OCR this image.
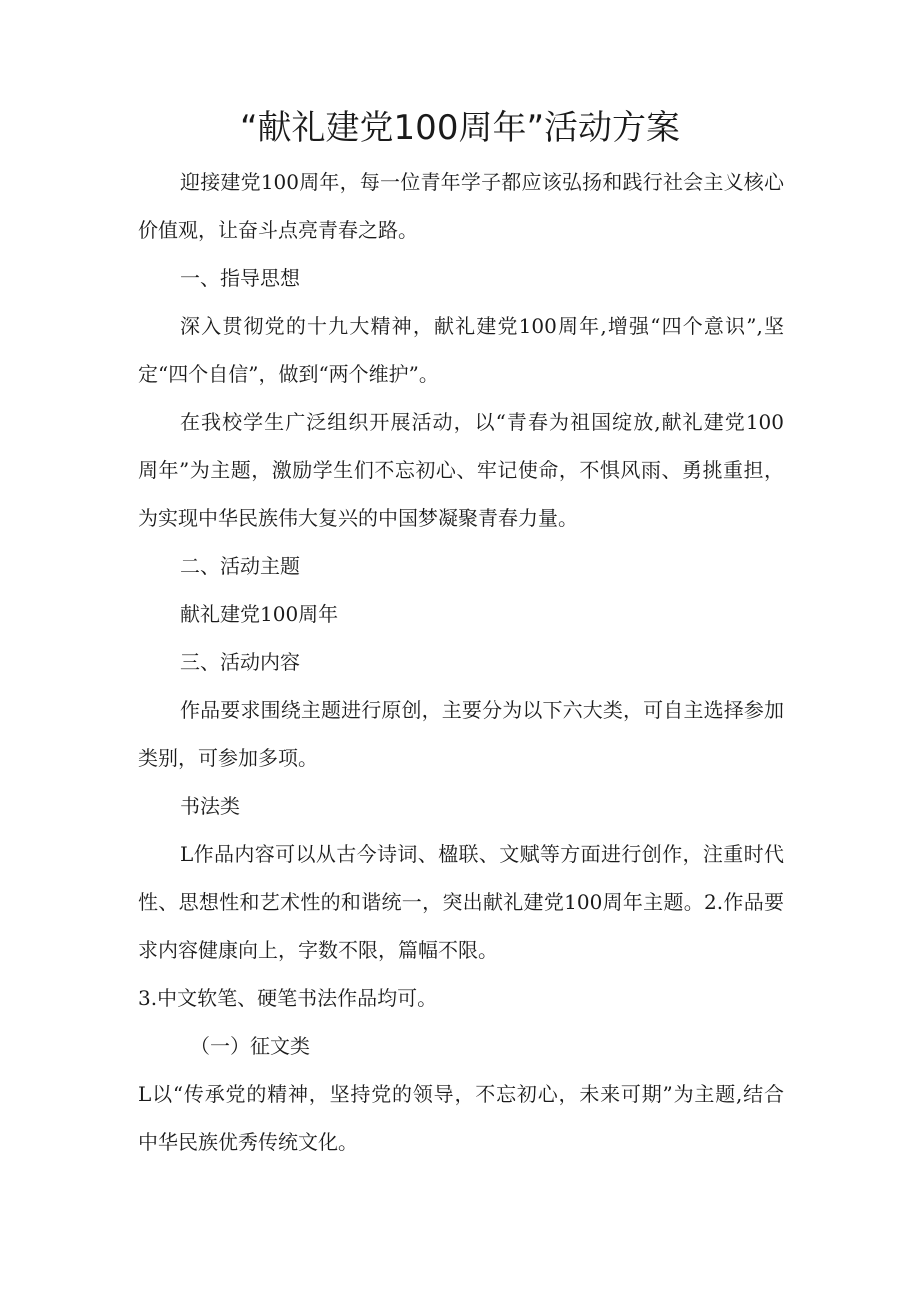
“献礼建党100周年”活动方案
迎接建党100周年，每一位青年学子都应该弘扬和践行社会主义核心
价值观，让奋斗点亮青春之路。
一、指导思想
深入贯彻党的十九大精神，献礼建党100周年,增强“四个意识”,坚
定“四个自信”，做到“两个维护”。
在我校学生广泛组织开展活动，以“青春为祖国绽放,献礼建党100
周年”为主题，激励学生们不忘初心、牢记使命，不惧风雨、勇挑重担，
为实现中华民族伟大复兴的中国梦凝聚青春力量。
二、活动主题
献礼建党100周年
三、活动内容
作品要求围绕主题进行原创，主要分为以下六大类，可自主选择参加
类别，可参加多项。
书法类
L作品内容可以从古今诗词、楹联、文赋等方面进行创作，注重时代
性、思想性和艺术性的和谐统一，突出献礼建党100周年主题。2.作品要
求内容健康向上，字数不限，篇幅不限。
3.中文软笔、硬笔书法作品均可。
（一）征文类
L以“传承党的精神，坚持党的领导，不忘初心，未来可期”为主题,结合
中华民族优秀传统文化。
